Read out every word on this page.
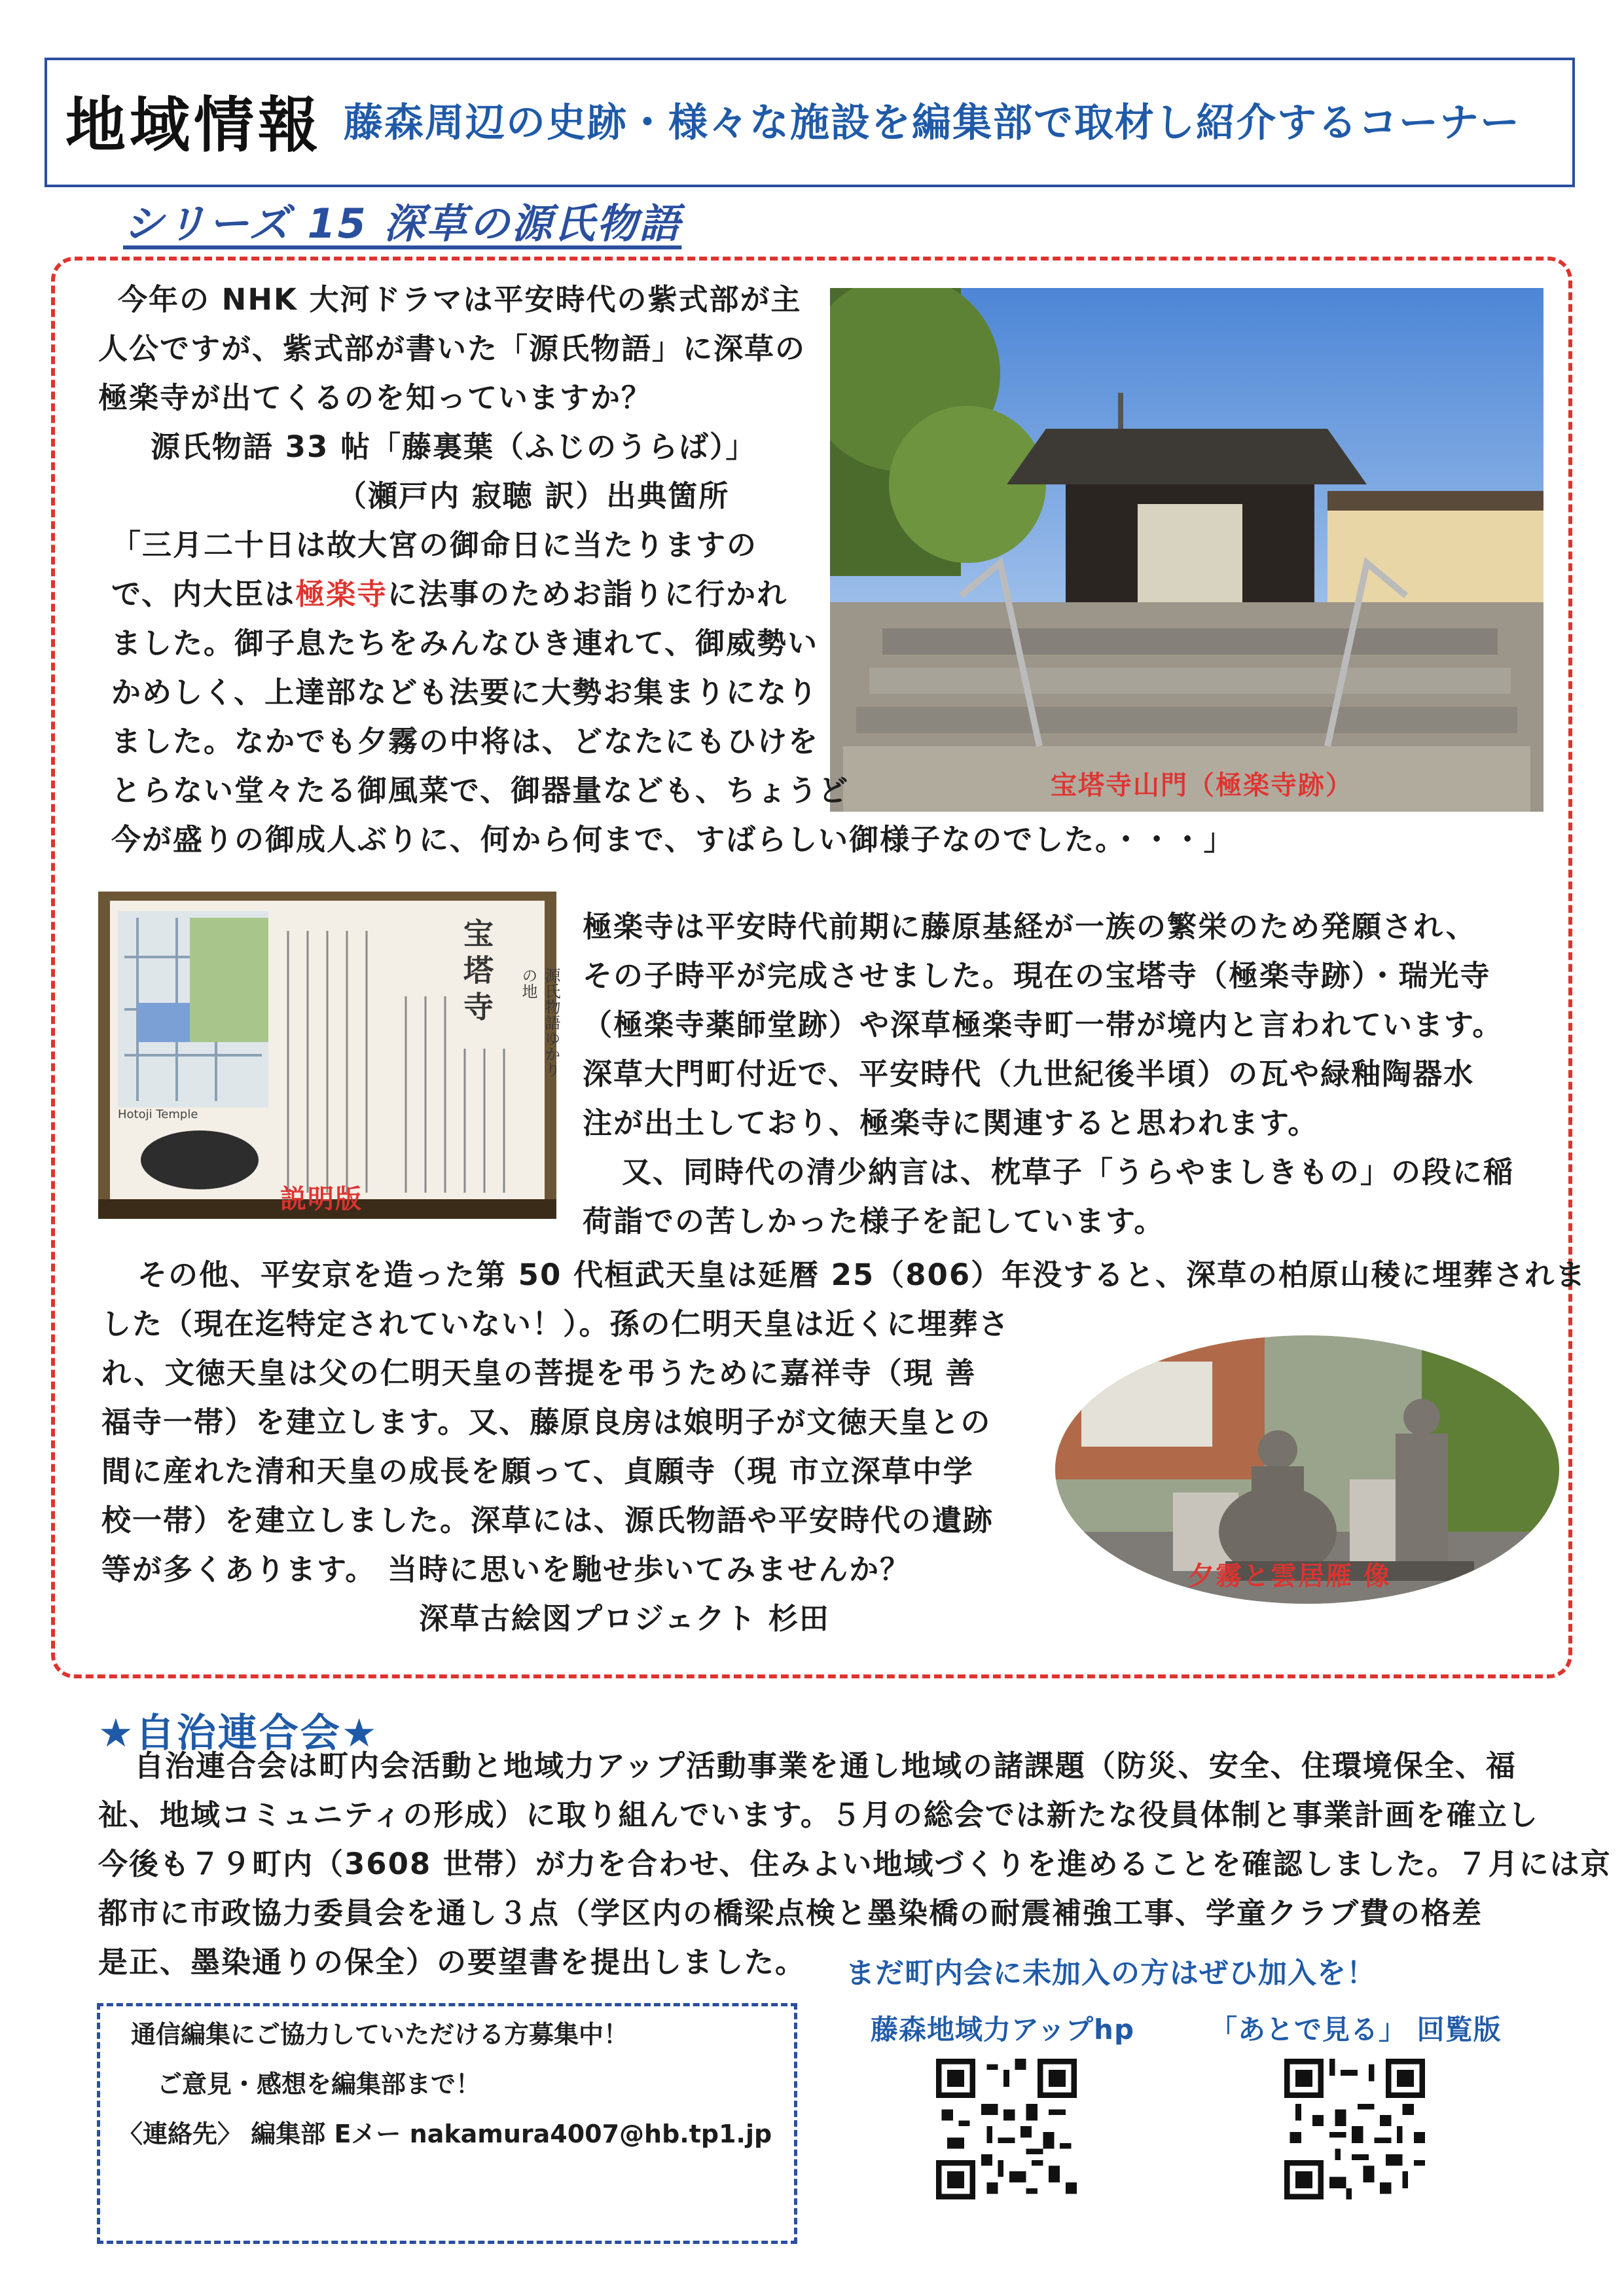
地域情報 藤森周辺の史跡・様々な施設を編集部で取材し紹介するコーナー
シリーズ 15 深草の源氏物語
宝塔寺山門（極楽寺跡）
今年の NHK 大河ドラマは平安時代の紫式部が主
人公ですが、紫式部が書いた「源氏物語」に深草の
極楽寺が出てくるのを知っていますか？
源氏物語 33 帖「藤裏葉（ふじのうらば）」
（瀬戸内 寂聴 訳）出典箇所
「三月二十日は故大宮の御命日に当たりますの
で、内大臣は極楽寺に法事のためお詣りに行かれ
ました。御子息たちをみんなひき連れて、御威勢い
かめしく、上達部なども法要に大勢お集まりになり
ました。なかでも夕霧の中将は、どなたにもひけを
とらない堂々たる御風菜で、御器量なども、ちょうど
今が盛りの御成人ぶりに、何から何まで、すばらしい御様子なのでした。・・・」
宝塔寺	源氏物語ゆかりの地
Hotoji Temple
説明版
極楽寺は平安時代前期に藤原基経が一族の繁栄のため発願され、
その子時平が完成させました。現在の宝塔寺（極楽寺跡）・瑞光寺
（極楽寺薬師堂跡）や深草極楽寺町一帯が境内と言われています。
深草大門町付近で、平安時代（九世紀後半頃）の瓦や緑釉陶器水
注が出土しており、極楽寺に関連すると思われます。
又、同時代の清少納言は、枕草子「うらやましきもの」の段に稲
荷詣での苦しかった様子を記しています。
その他、平安京を造った第 50 代桓武天皇は延暦 25（806）年没すると、深草の柏原山稜に埋葬されま
した（現在迄特定されていない！）。孫の仁明天皇は近くに埋葬さ
れ、文徳天皇は父の仁明天皇の菩提を弔うために嘉祥寺（現 善
福寺一帯）を建立します。又、藤原良房は娘明子が文徳天皇との
間に産れた清和天皇の成長を願って、貞願寺（現 市立深草中学
校一帯）を建立しました。深草には、源氏物語や平安時代の遺跡
等が多くあります。 当時に思いを馳せ歩いてみませんか？	夕霧と雲居雁 像
深草古絵図プロジェクト 杉田
★自治連合会★
自治連合会は町内会活動と地域力アップ活動事業を通し地域の諸課題（防災、安全、住環境保全、福
祉、地域コミュニティの形成）に取り組んでいます。５月の総会では新たな役員体制と事業計画を確立し
今後も７９町内（3608 世帯）が力を合わせ、住みよい地域づくりを進めることを確認しました。７月には京
都市に市政協力委員会を通し３点（学区内の橋梁点検と墨染橋の耐震補強工事、学童クラブ費の格差
是正、墨染通りの保全）の要望書を提出しました。	まだ町内会に未加入の方はぜひ加入を！
通信編集にご協力していただける方募集中！
ご意見・感想を編集部まで！
〈連絡先〉 編集部 Eメー nakamura4007@hb.tp1.jp
藤森地域力アップhp	「あとで見る」 回覧版
